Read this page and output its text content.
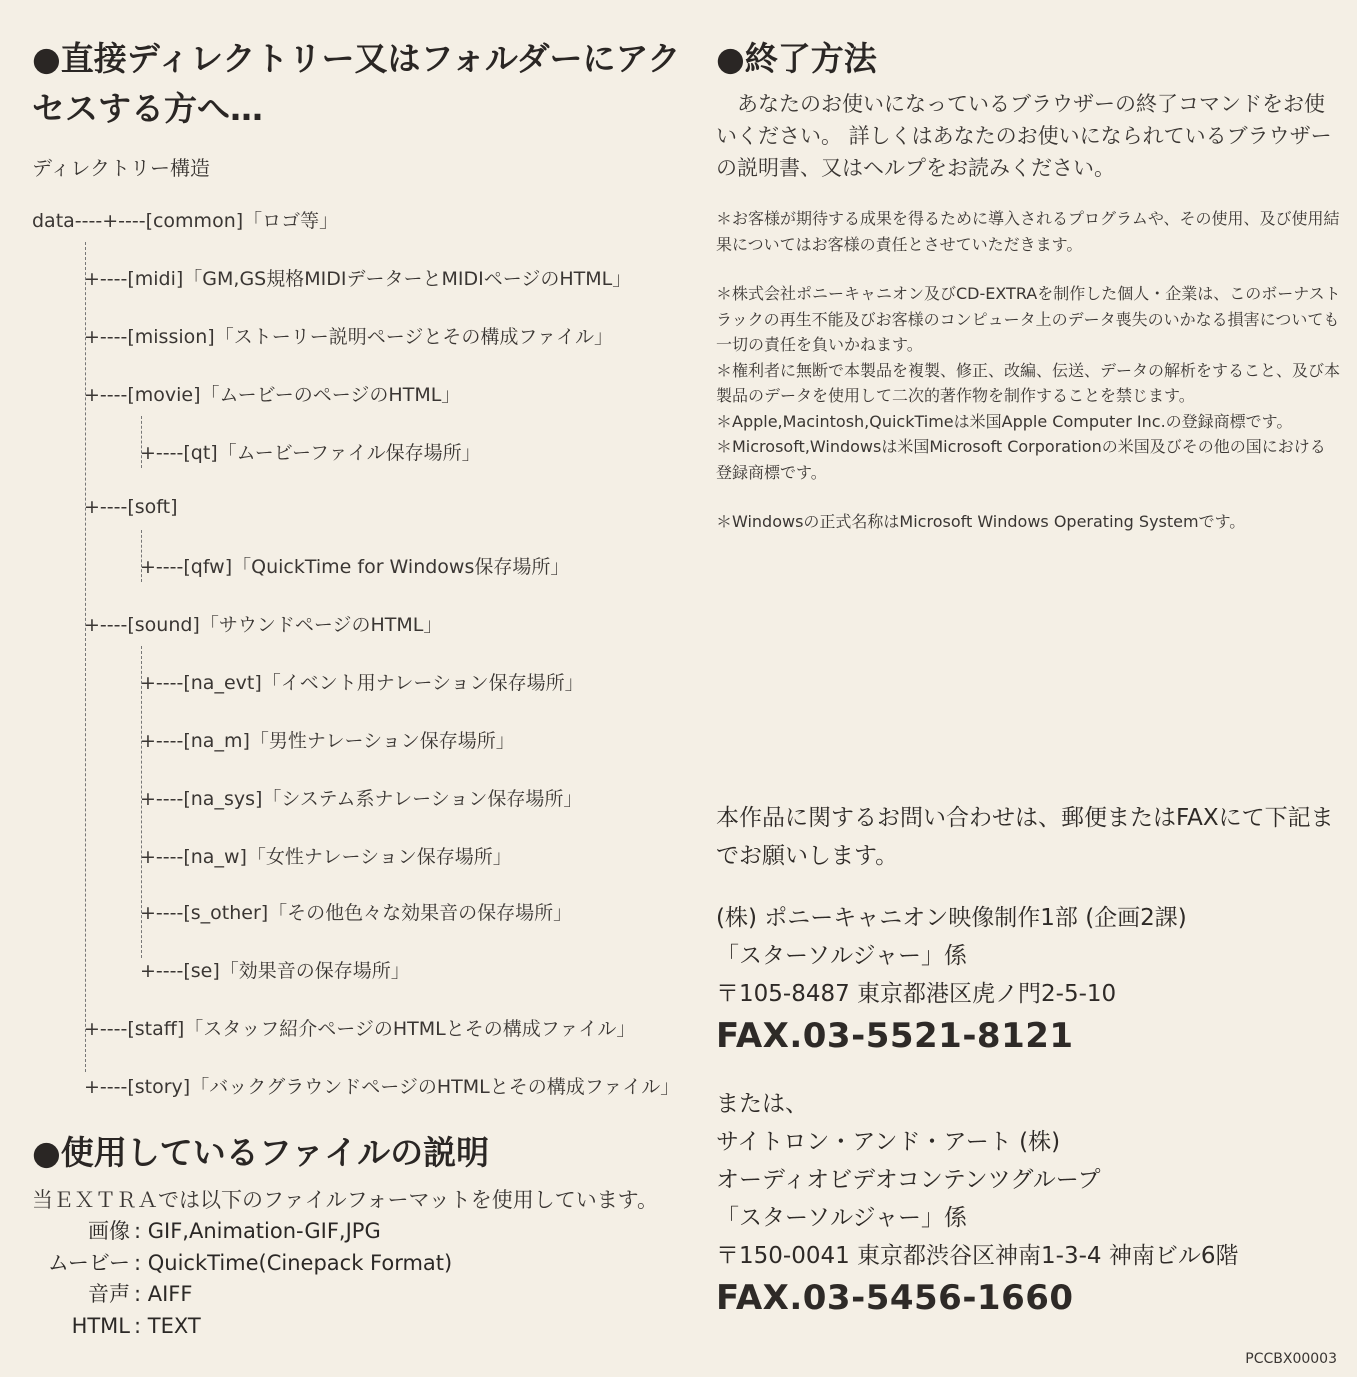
●直接ディレクトリー又はフォルダーにアクセスする方へ…
ディレクトリー構造
data----+----[common]「ロゴ等」
+----[midi]「GM,GS規格MIDIデーターとMIDIページのHTML」
+----[mission]「ストーリー説明ページとその構成ファイル」
+----[movie]「ムービーのページのHTML」
+----[qt]「ムービーファイル保存場所」
+----[soft]
+----[qfw]「QuickTime for Windows保存場所」
+----[sound]「サウンドページのHTML」
+----[na_evt]「イベント用ナレーション保存場所」
+----[na_m]「男性ナレーション保存場所」
+----[na_sys]「システム系ナレーション保存場所」
+----[na_w]「女性ナレーション保存場所」
+----[s_other]「その他色々な効果音の保存場所」
+----[se]「効果音の保存場所」
+----[staff]「スタッフ紹介ページのHTMLとその構成ファイル」
+----[story]「バックグラウンドページのHTMLとその構成ファイル」
●使用しているファイルの説明
当ＥＸＴＲＡでは以下のファイルフォーマットを使用しています。
画像 : GIF,Animation-GIF,JPG
ムービー : QuickTime(Cinepack Format)
音声 : AIFF
HTML : TEXT
●終了方法

あなたのお使いになっているブラウザーの終了コマンドをお使いください。 詳しくはあなたのお使いになられているブラウザーの説明書、又はヘルプをお読みください。

＊お客様が期待する成果を得るために導入されるプログラムや、その使用、及び使用結果についてはお客様の責任とさせていただきます。

＊株式会社ポニーキャニオン及びCD-EXTRAを制作した個人・企業は、このボーナストラックの再生不能及びお客様のコンピュータ上のデータ喪失のいかなる損害についても一切の責任を負いかねます。

＊権利者に無断で本製品を複製、修正、改編、伝送、データの解析をすること、及び本製品のデータを使用して二次的著作物を制作することを禁じます。

＊Apple,Macintosh,QuickTimeは米国Apple Computer Inc.の登録商標です。

＊Microsoft,Windowsは米国Microsoft Corporationの米国及びその他の国における登録商標です。

＊Windowsの正式名称はMicrosoft Windows Operating Systemです。

本作品に関するお問い合わせは、郵便またはFAXにて下記までお願いします。
(株) ポニーキャニオン映像制作1部 (企画2課)
「スターソルジャー」係
〒105-8487 東京都港区虎ノ門2-5-10
FAX.03-5521-8121
または、
サイトロン・アンド・アート (株)
オーディオビデオコンテンツグループ
「スターソルジャー」係
〒150-0041 東京都渋谷区神南1-3-4 神南ビル6階
FAX.03-5456-1660
PCCBX00003
